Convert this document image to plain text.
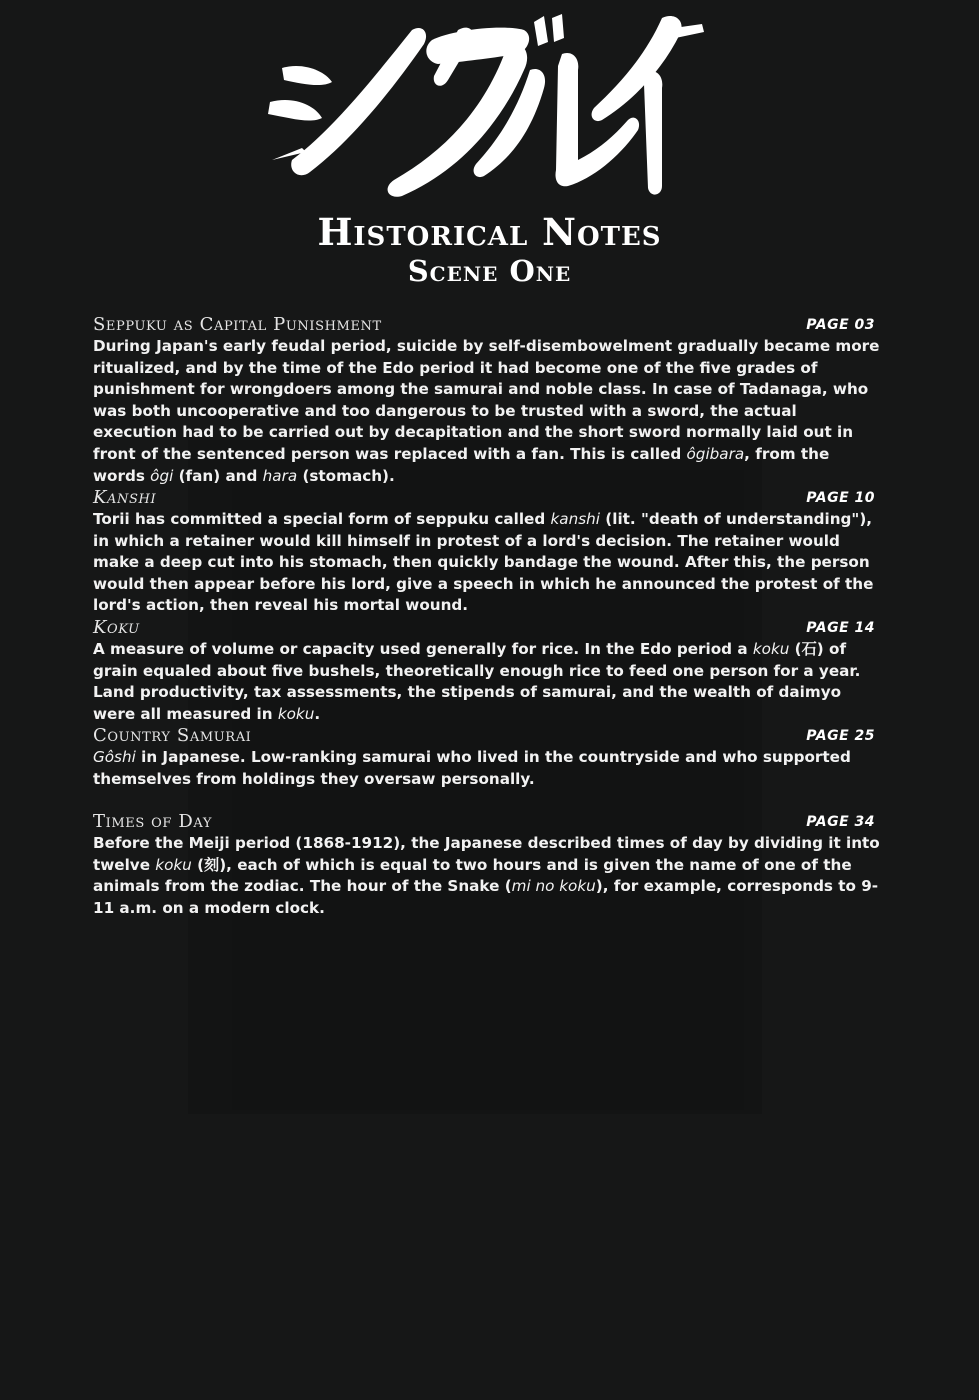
Historical Notes
Scene One
Seppuku as Capital Punishment	PAGE 03

During Japan's early feudal period, suicide by self-disembowelment gradually became more ritualized, and by the time of the Edo period it had become one of the five grades of punishment for wrongdoers among the samurai and noble class. In case of Tadanaga, who was both uncooperative and too dangerous to be trusted with a sword, the actual execution had to be carried out by decapitation and the short sword normally laid out in front of the sentenced person was replaced with a fan. This is called ôgibara, from the words ôgi (fan) and hara (stomach).

Kanshi	PAGE 10

Torii has committed a special form of seppuku called kanshi (lit. "death of understanding"), in which a retainer would kill himself in protest of a lord's decision. The retainer would make a deep cut into his stomach, then quickly bandage the wound. After this, the person would then appear before his lord, give a speech in which he announced the protest of the lord's action, then reveal his mortal wound.

Koku	PAGE 14

A measure of volume or capacity used generally for rice. In the Edo period a koku (石) of grain equaled about five bushels, theoretically enough rice to feed one person for a year. Land productivity, tax assessments, the stipends of samurai, and the wealth of daimyo were all measured in koku.

Country Samurai	PAGE 25

Gôshi in Japanese. Low-ranking samurai who lived in the countryside and who supported themselves from holdings they oversaw personally.

Times of Day	PAGE 34

Before the Meiji period (1868-1912), the Japanese described times of day by dividing it into twelve koku (刻), each of which is equal to two hours and is given the name of one of the animals from the zodiac. The hour of the Snake (mi no koku), for example, corresponds to 9-11 a.m. on a modern clock.
